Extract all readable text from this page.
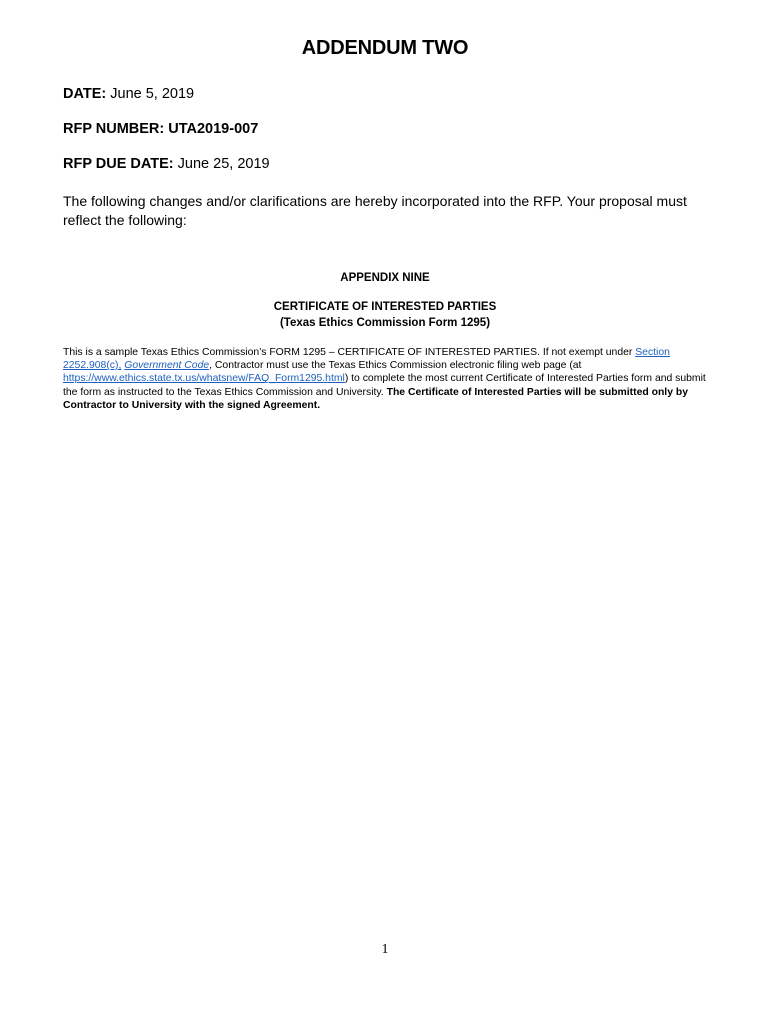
ADDENDUM TWO
DATE: June 5, 2019
RFP NUMBER: UTA2019-007
RFP DUE DATE: June 25, 2019
The following changes and/or clarifications are hereby incorporated into the RFP. Your proposal must
reflect the following:
APPENDIX NINE
CERTIFICATE OF INTERESTED PARTIES
(Texas Ethics Commission Form 1295)
This is a sample Texas Ethics Commission’s FORM 1295 – CERTIFICATE OF INTERESTED PARTIES. If not exempt under Section 2252.908(c), Government Code, Contractor must use the Texas Ethics Commission electronic filing web page (at https://www.ethics.state.tx.us/whatsnew/FAQ_Form1295.html) to complete the most current Certificate of Interested Parties form and submit the form as instructed to the Texas Ethics Commission and University. The Certificate of Interested Parties will be submitted only by Contractor to University with the signed Agreement.
1
